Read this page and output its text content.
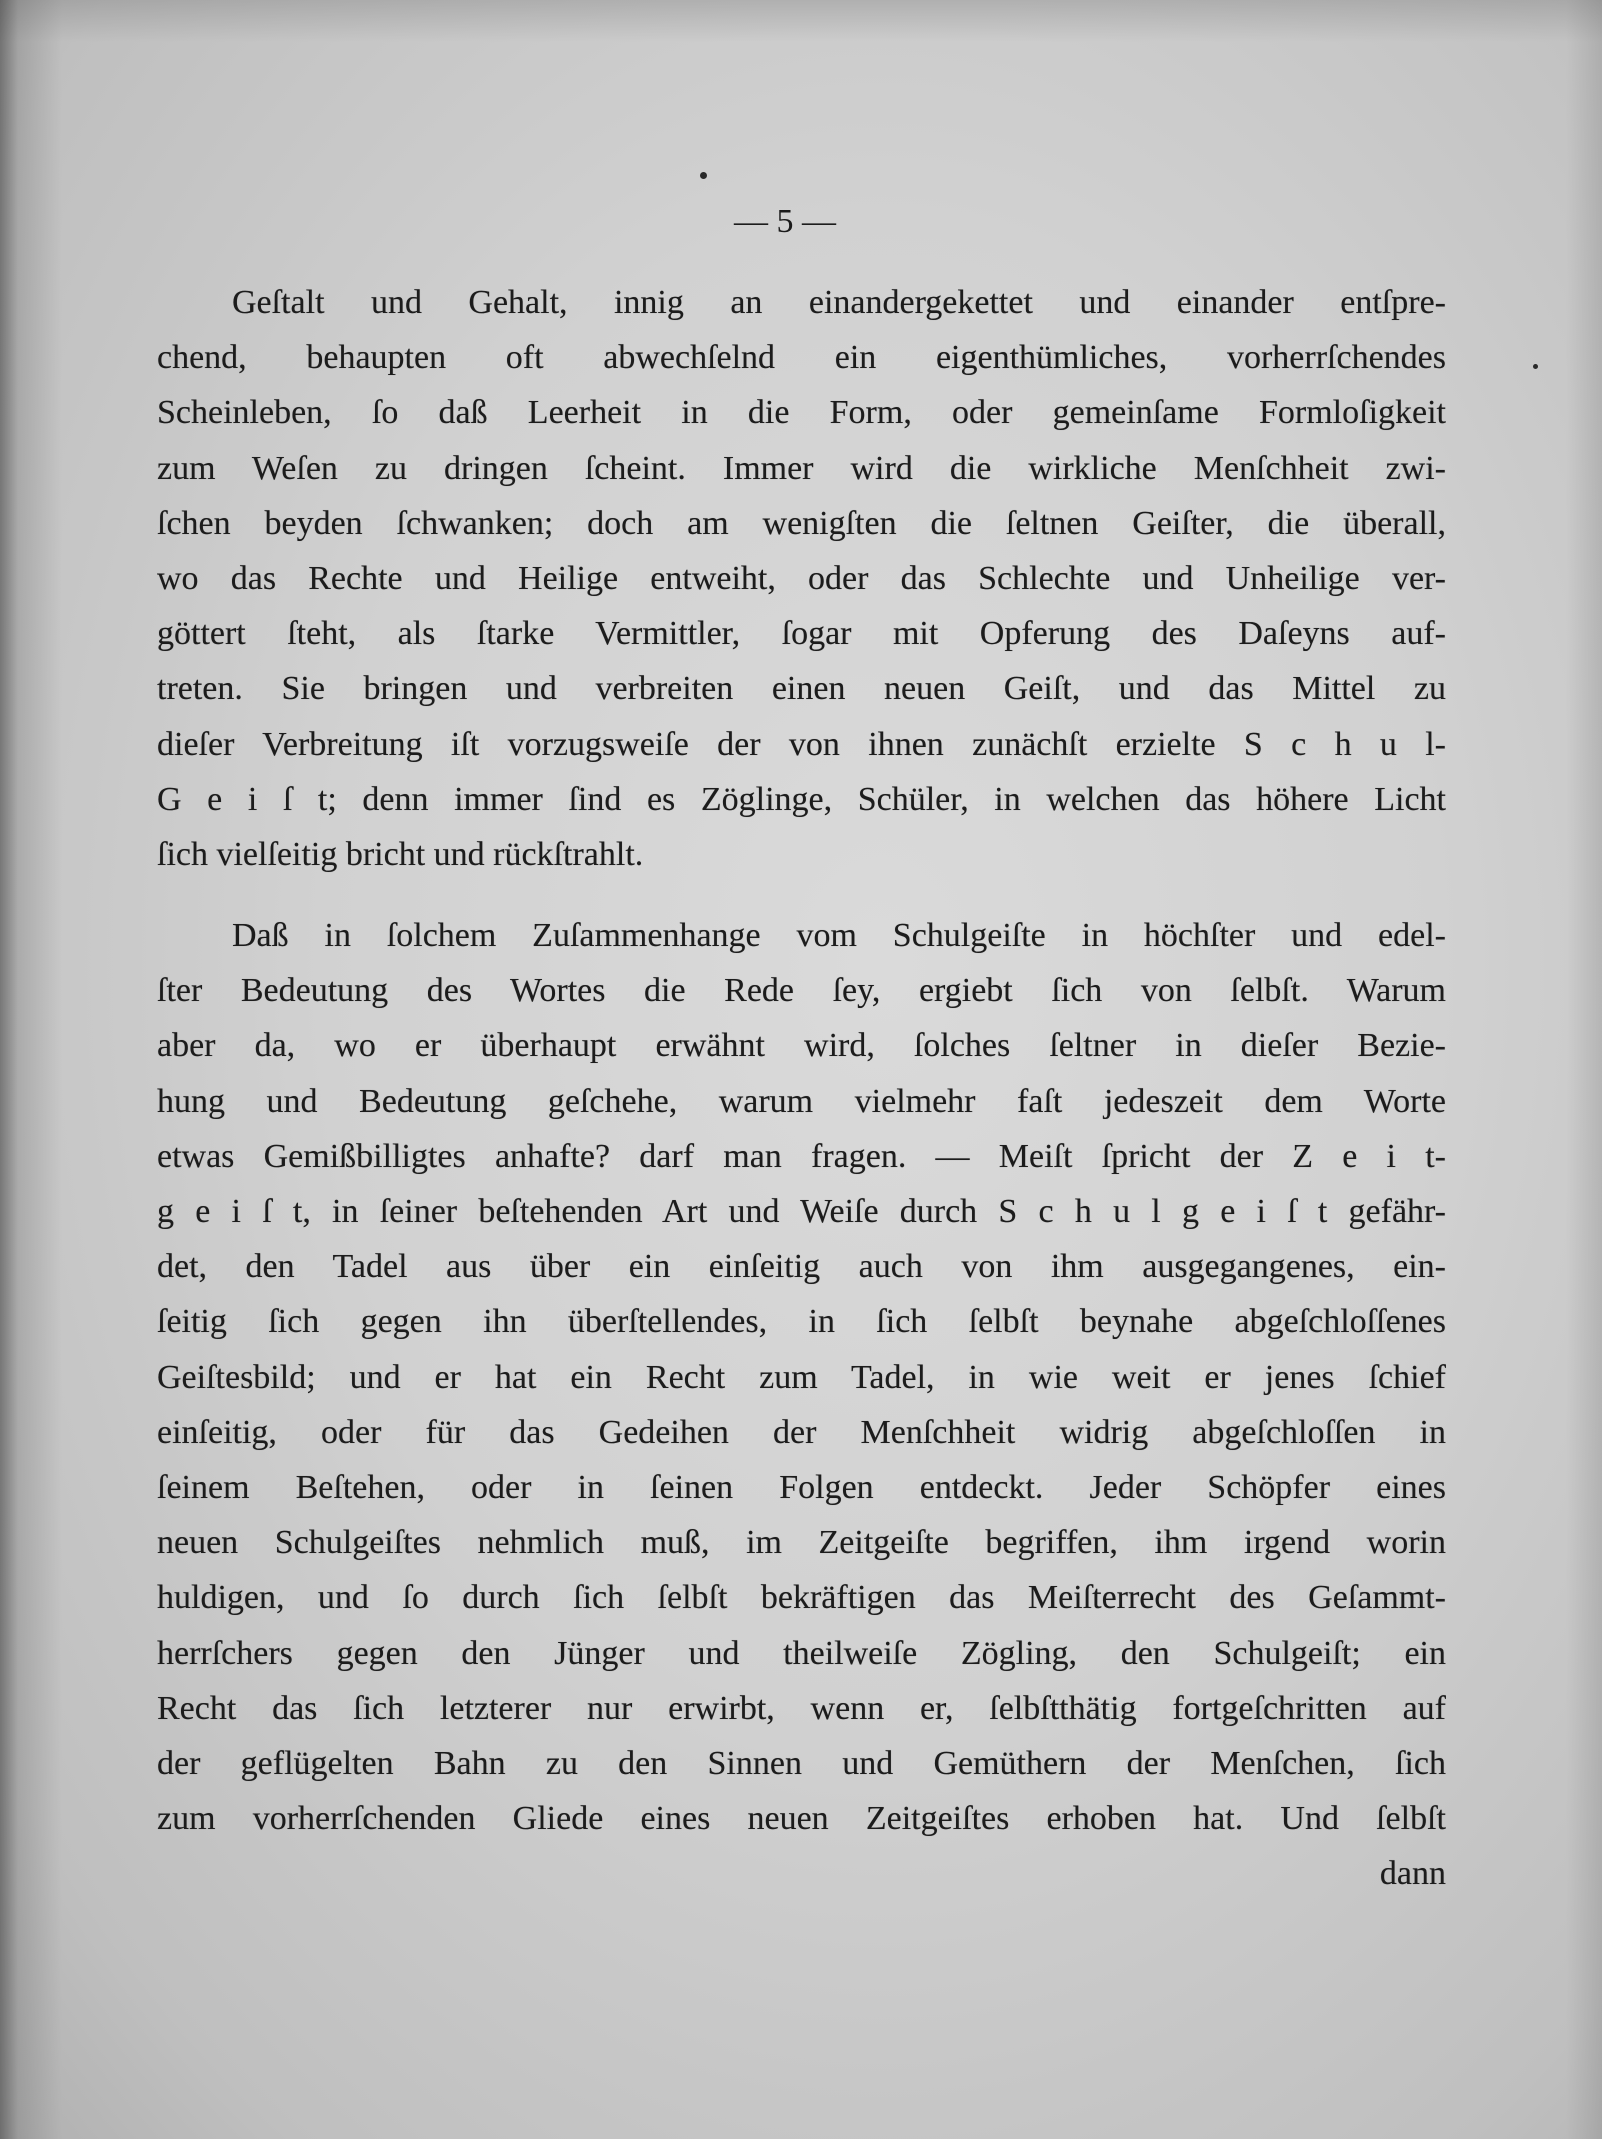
— 5 —
Geſtalt und Gehalt, innig an einandergekettet und einander entſpre-
chend, behaupten oft abwechſelnd ein eigenthümliches, vorherrſchendes
Scheinleben, ſo daß Leerheit in die Form, oder gemeinſame Formloſigkeit
zum Weſen zu dringen ſcheint. Immer wird die wirkliche Menſchheit zwi-
ſchen beyden ſchwanken; doch am wenigſten die ſeltnen Geiſter, die überall,
wo das Rechte und Heilige entweiht, oder das Schlechte und Unheilige ver-
göttert ſteht, als ſtarke Vermittler, ſogar mit Opferung des Daſeyns auf-
treten. Sie bringen und verbreiten einen neuen Geiſt, und das Mittel zu
dieſer Verbreitung iſt vorzugsweiſe der von ihnen zunächſt erzielte S c h u l-
G e i ſ t; denn immer ſind es Zöglinge, Schüler, in welchen das höhere Licht
ſich vielſeitig bricht und rückſtrahlt.
Daß in ſolchem Zuſammenhange vom Schulgeiſte in höchſter und edel-
ſter Bedeutung des Wortes die Rede ſey, ergiebt ſich von ſelbſt. Warum
aber da, wo er überhaupt erwähnt wird, ſolches ſeltner in dieſer Bezie-
hung und Bedeutung geſchehe, warum vielmehr faſt jedeszeit dem Worte
etwas Gemißbilligtes anhafte? darf man fragen. — Meiſt ſpricht der Z e i t-
g e i ſ t, in ſeiner beſtehenden Art und Weiſe durch S c h u l g e i ſ t gefähr-
det, den Tadel aus über ein einſeitig auch von ihm ausgegangenes, ein-
ſeitig ſich gegen ihn überſtellendes, in ſich ſelbſt beynahe abgeſchloſſenes
Geiſtesbild; und er hat ein Recht zum Tadel, in wie weit er jenes ſchief
einſeitig, oder für das Gedeihen der Menſchheit widrig abgeſchloſſen in
ſeinem Beſtehen, oder in ſeinen Folgen entdeckt. Jeder Schöpfer eines
neuen Schulgeiſtes nehmlich muß, im Zeitgeiſte begriffen, ihm irgend worin
huldigen, und ſo durch ſich ſelbſt bekräftigen das Meiſterrecht des Geſammt-
herrſchers gegen den Jünger und theilweiſe Zögling, den Schulgeiſt; ein
Recht das ſich letzterer nur erwirbt, wenn er, ſelbſtthätig fortgeſchritten auf
der geflügelten Bahn zu den Sinnen und Gemüthern der Menſchen, ſich
zum vorherrſchenden Gliede eines neuen Zeitgeiſtes erhoben hat. Und ſelbſt
dann
